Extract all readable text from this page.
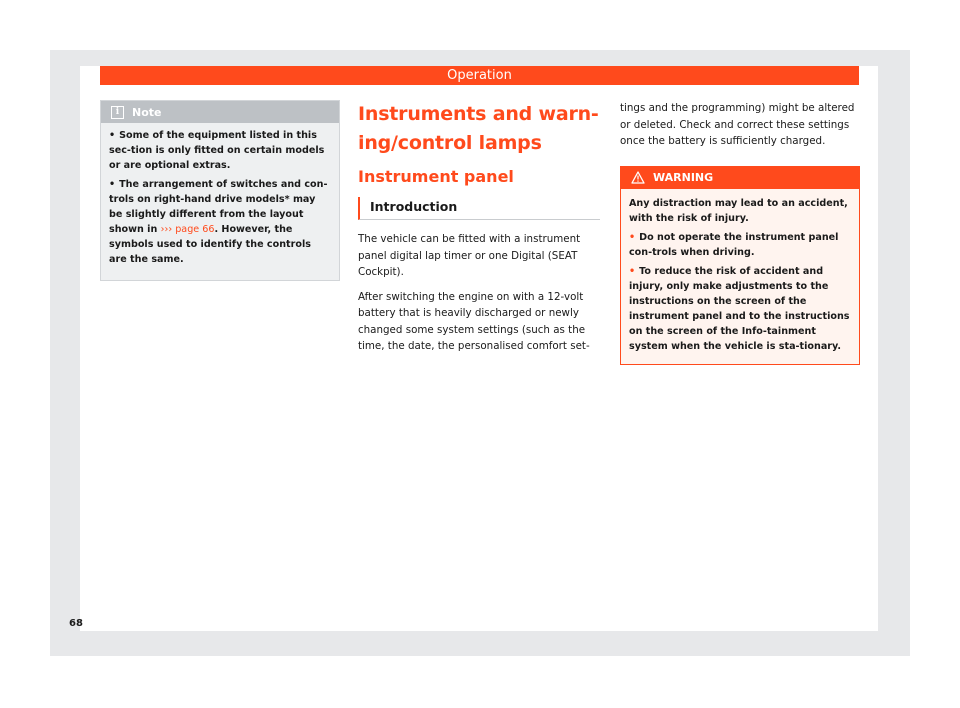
Operation
i	Note

• Some of the equipment listed in this sec-tion is only fitted on certain models or are optional extras.

• The arrangement of switches and con-trols on right-hand drive models* may be slightly different from the layout shown in ››› page 66. However, the symbols used to identify the controls are the same.

Instruments and warn-
ing/control lamps
Instrument panel
Introduction

The vehicle can be fitted with a instrument panel digital lap timer or one Digital (SEAT Cockpit).

After switching the engine on with a 12-volt battery that is heavily discharged or newly changed some system settings (such as the time, the date, the personalised comfort set-

tings and the programming) might be altered or deleted. Check and correct these settings once the battery is sufficiently charged.

WARNING

Any distraction may lead to an accident, with the risk of injury.

• Do not operate the instrument panel con-trols when driving.

• To reduce the risk of accident and injury, only make adjustments to the instructions on the screen of the instrument panel and to the instructions on the screen of the Info-tainment system when the vehicle is sta-tionary.

68
